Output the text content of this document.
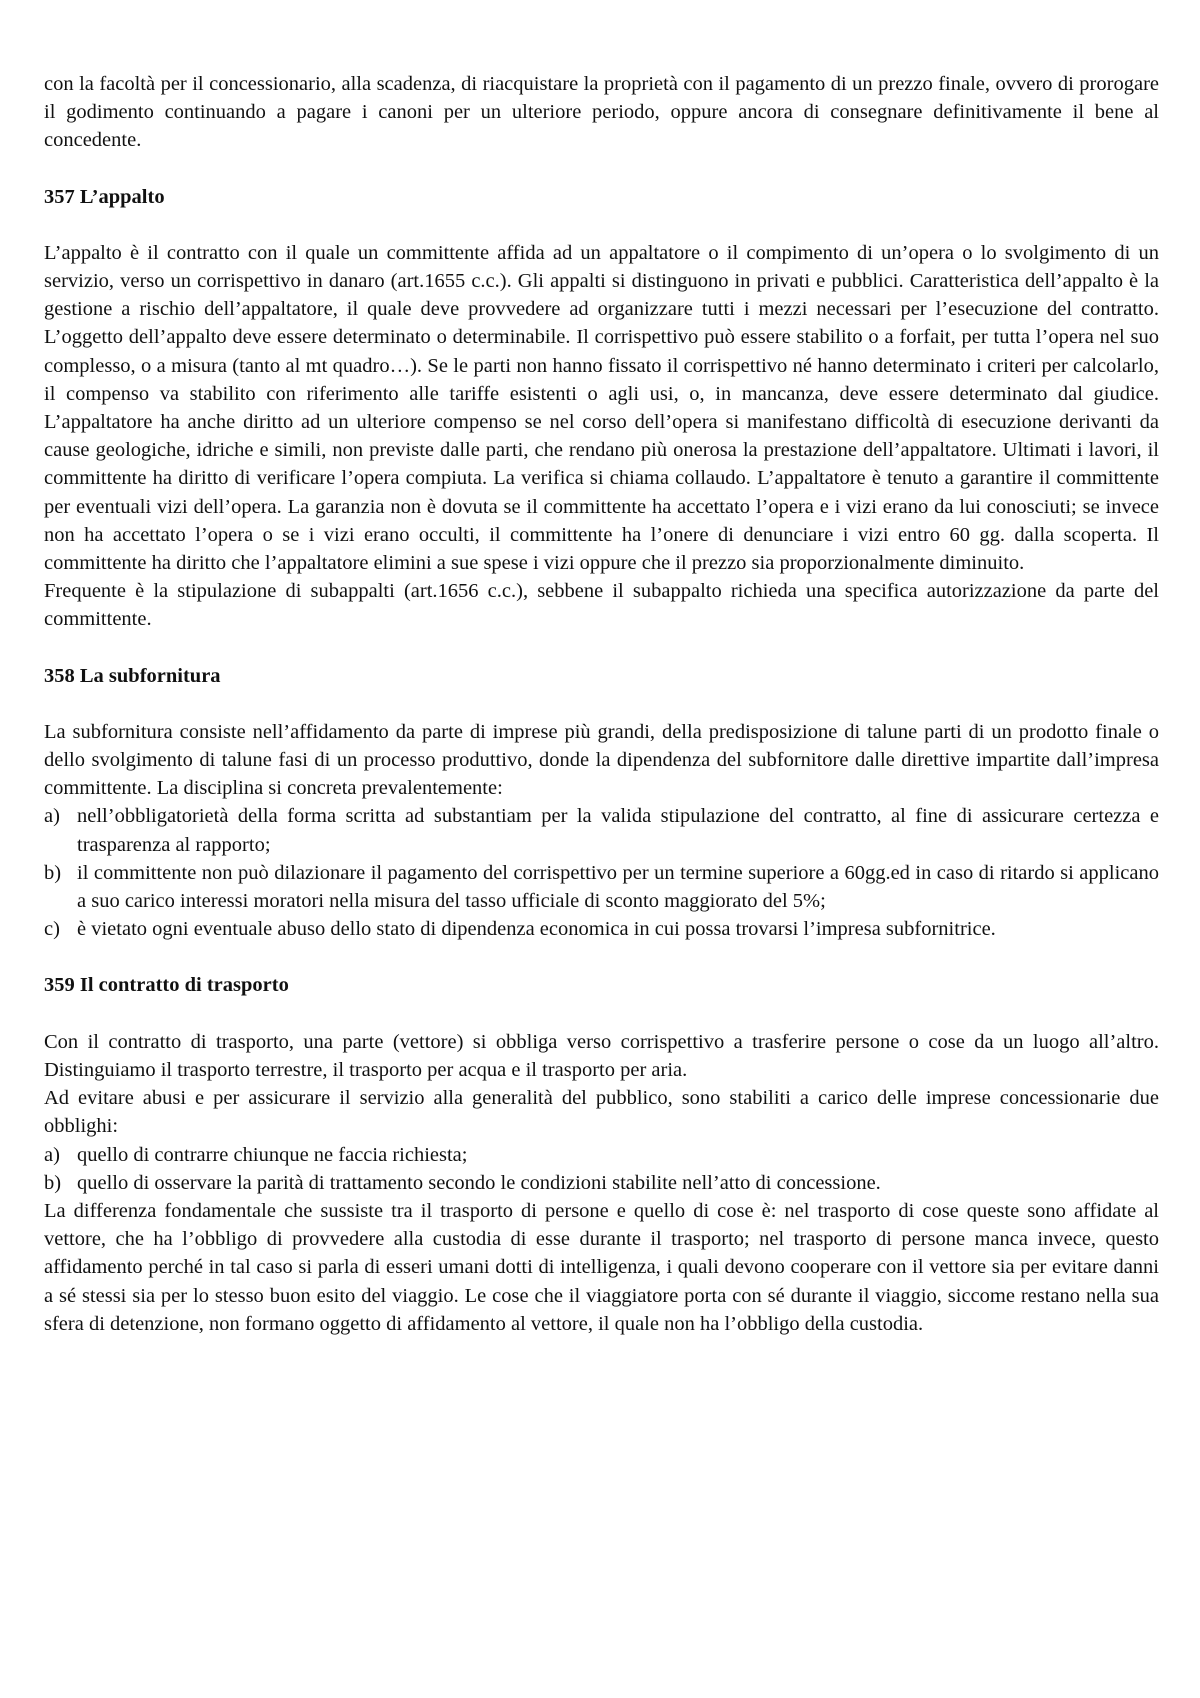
con la facoltà per il concessionario, alla scadenza, di riacquistare la proprietà con il pagamento di un prezzo finale, ovvero di prorogare il godimento continuando a pagare i canoni per un ulteriore periodo, oppure ancora di consegnare definitivamente il bene al concedente.

357 L’appalto

L’appalto è il contratto con il quale un committente affida ad un appaltatore o il compimento di un’opera o lo svolgimento di un servizio, verso un corrispettivo in danaro (art.1655 c.c.). Gli appalti si distinguono in privati e pubblici. Caratteristica dell’appalto è la gestione a rischio dell’appaltatore, il quale deve provvedere ad organizzare tutti i mezzi necessari per l’esecuzione del contratto. L’oggetto dell’appalto deve essere determinato o determinabile. Il corrispettivo può essere stabilito o a forfait, per tutta l’opera nel suo complesso, o a misura (tanto al mt quadro…). Se le parti non hanno fissato il corrispettivo né hanno determinato i criteri per calcolarlo, il compenso va stabilito con riferimento alle tariffe esistenti o agli usi, o, in mancanza, deve essere determinato dal giudice. L’appaltatore ha anche diritto ad un ulteriore compenso se nel corso dell’opera si manifestano difficoltà di esecuzione derivanti da cause geologiche, idriche e simili, non previste dalle parti, che rendano più onerosa la prestazione dell’appaltatore. Ultimati i lavori, il committente ha diritto di verificare l’opera compiuta. La verifica si chiama collaudo. L’appaltatore è tenuto a garantire il committente per eventuali vizi dell’opera. La garanzia non è dovuta se il committente ha accettato l’opera e i vizi erano da lui conosciuti; se invece non ha accettato l’opera o se i vizi erano occulti, il committente ha l’onere di denunciare i vizi entro 60 gg. dalla scoperta. Il committente ha diritto che l’appaltatore elimini a sue spese i vizi oppure che il prezzo sia proporzionalmente diminuito.

Frequente è la stipulazione di subappalti (art.1656 c.c.), sebbene il subappalto richieda una specifica autorizzazione da parte del committente.

358 La subfornitura

La subfornitura consiste nell’affidamento da parte di imprese più grandi, della predisposizione di talune parti di un prodotto finale o dello svolgimento di talune fasi di un processo produttivo, donde la dipendenza del subfornitore dalle direttive impartite dall’impresa committente. La disciplina si concreta prevalentemente:

a) nell’obbligatorietà della forma scritta ad substantiam per la valida stipulazione del contratto, al fine di assicurare certezza e trasparenza al rapporto;
b) il committente non può dilazionare il pagamento del corrispettivo per un termine superiore a 60gg.ed in caso di ritardo si applicano a suo carico interessi moratori nella misura del tasso ufficiale di sconto maggiorato del 5%;
c) è vietato ogni eventuale abuso dello stato di dipendenza economica in cui possa trovarsi l’impresa subfornitrice.
359 Il contratto di trasporto

Con il contratto di trasporto, una parte (vettore) si obbliga verso corrispettivo a trasferire persone o cose da un luogo all’altro. Distinguiamo il trasporto terrestre, il trasporto per acqua e il trasporto per aria.

Ad evitare abusi e per assicurare il servizio alla generalità del pubblico, sono stabiliti a carico delle imprese concessionarie due obblighi:

a) quello di contrarre chiunque ne faccia richiesta;
b) quello di osservare la parità di trattamento secondo le condizioni stabilite nell’atto di concessione.

La differenza fondamentale che sussiste tra il trasporto di persone e quello di cose è: nel trasporto di cose queste sono affidate al vettore, che ha l’obbligo di provvedere alla custodia di esse durante il trasporto; nel trasporto di persone manca invece, questo affidamento perché in tal caso si parla di esseri umani dotti di intelligenza, i quali devono cooperare con il vettore sia per evitare danni a sé stessi sia per lo stesso buon esito del viaggio. Le cose che il viaggiatore porta con sé durante il viaggio, siccome restano nella sua sfera di detenzione, non formano oggetto di affidamento al vettore, il quale non ha l’obbligo della custodia.
